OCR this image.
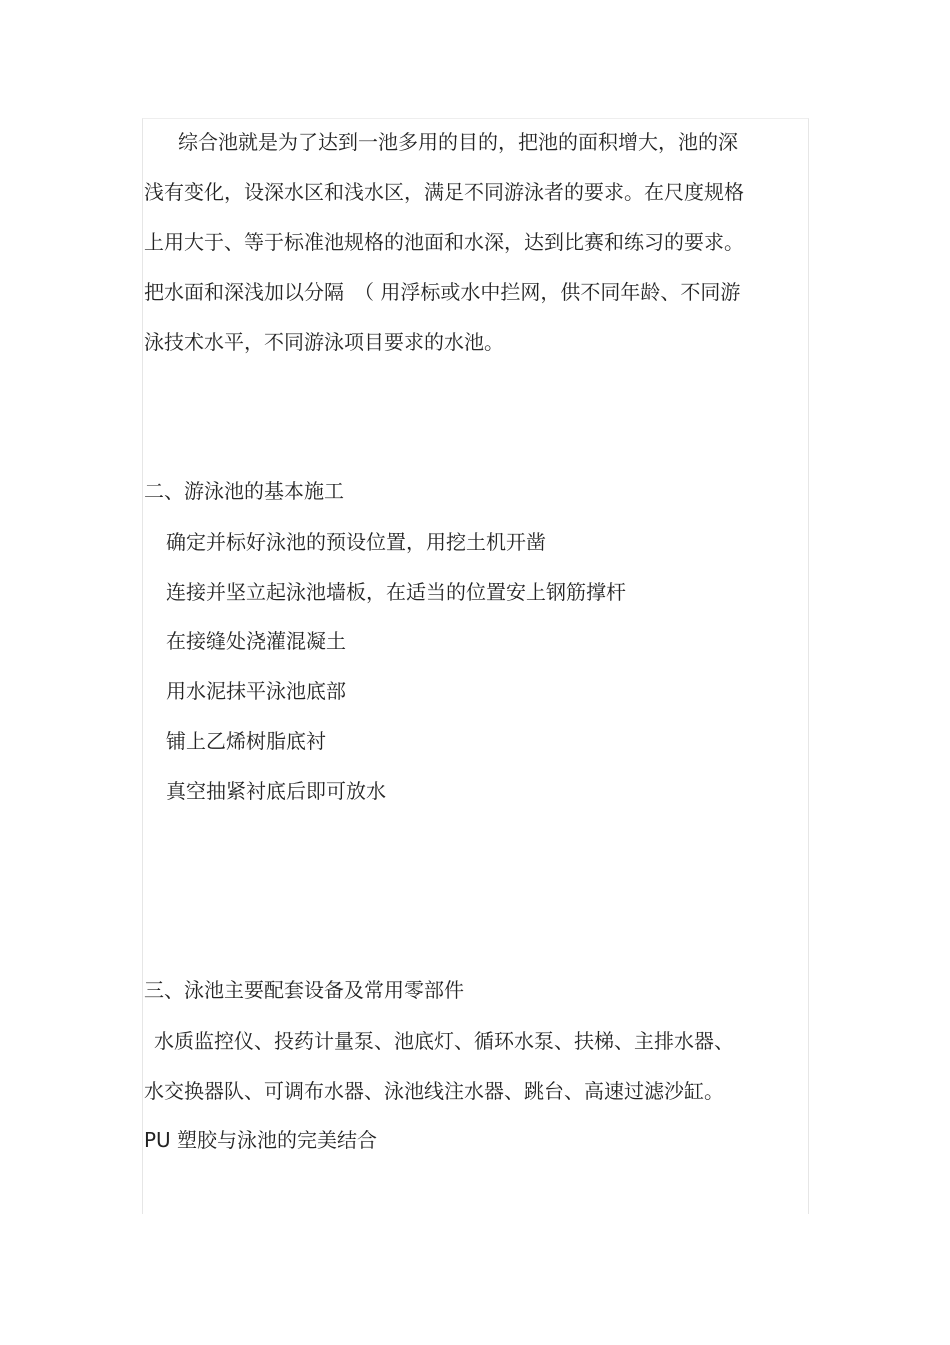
综合池就是为了达到一池多用的目的，把池的面积增大，池的深

浅有变化，设深水区和浅水区，满足不同游泳者的要求。在尺度规格

上用大于、等于标准池规格的池面和水深，达到比赛和练习的要求。

把水面和深浅加以分隔　（ 用浮标或水中拦网，供不同年龄、不同游

泳技术水平，不同游泳项目要求的水池。

二、游泳池的基本施工

确定并标好泳池的预设位置，用挖土机开凿

连接并坚立起泳池墙板，在适当的位置安上钢筋撑杆

在接缝处浇灌混凝土

用水泥抹平泳池底部

铺上乙烯树脂底衬

真空抽紧衬底后即可放水

三、泳池主要配套设备及常用零部件

水质监控仪、投药计量泵、池底灯、循环水泵、扶梯、主排水器、

水交换器队、可调布水器、泳池线注水器、跳台、高速过滤沙缸。

PU 塑胶与泳池的完美结合
